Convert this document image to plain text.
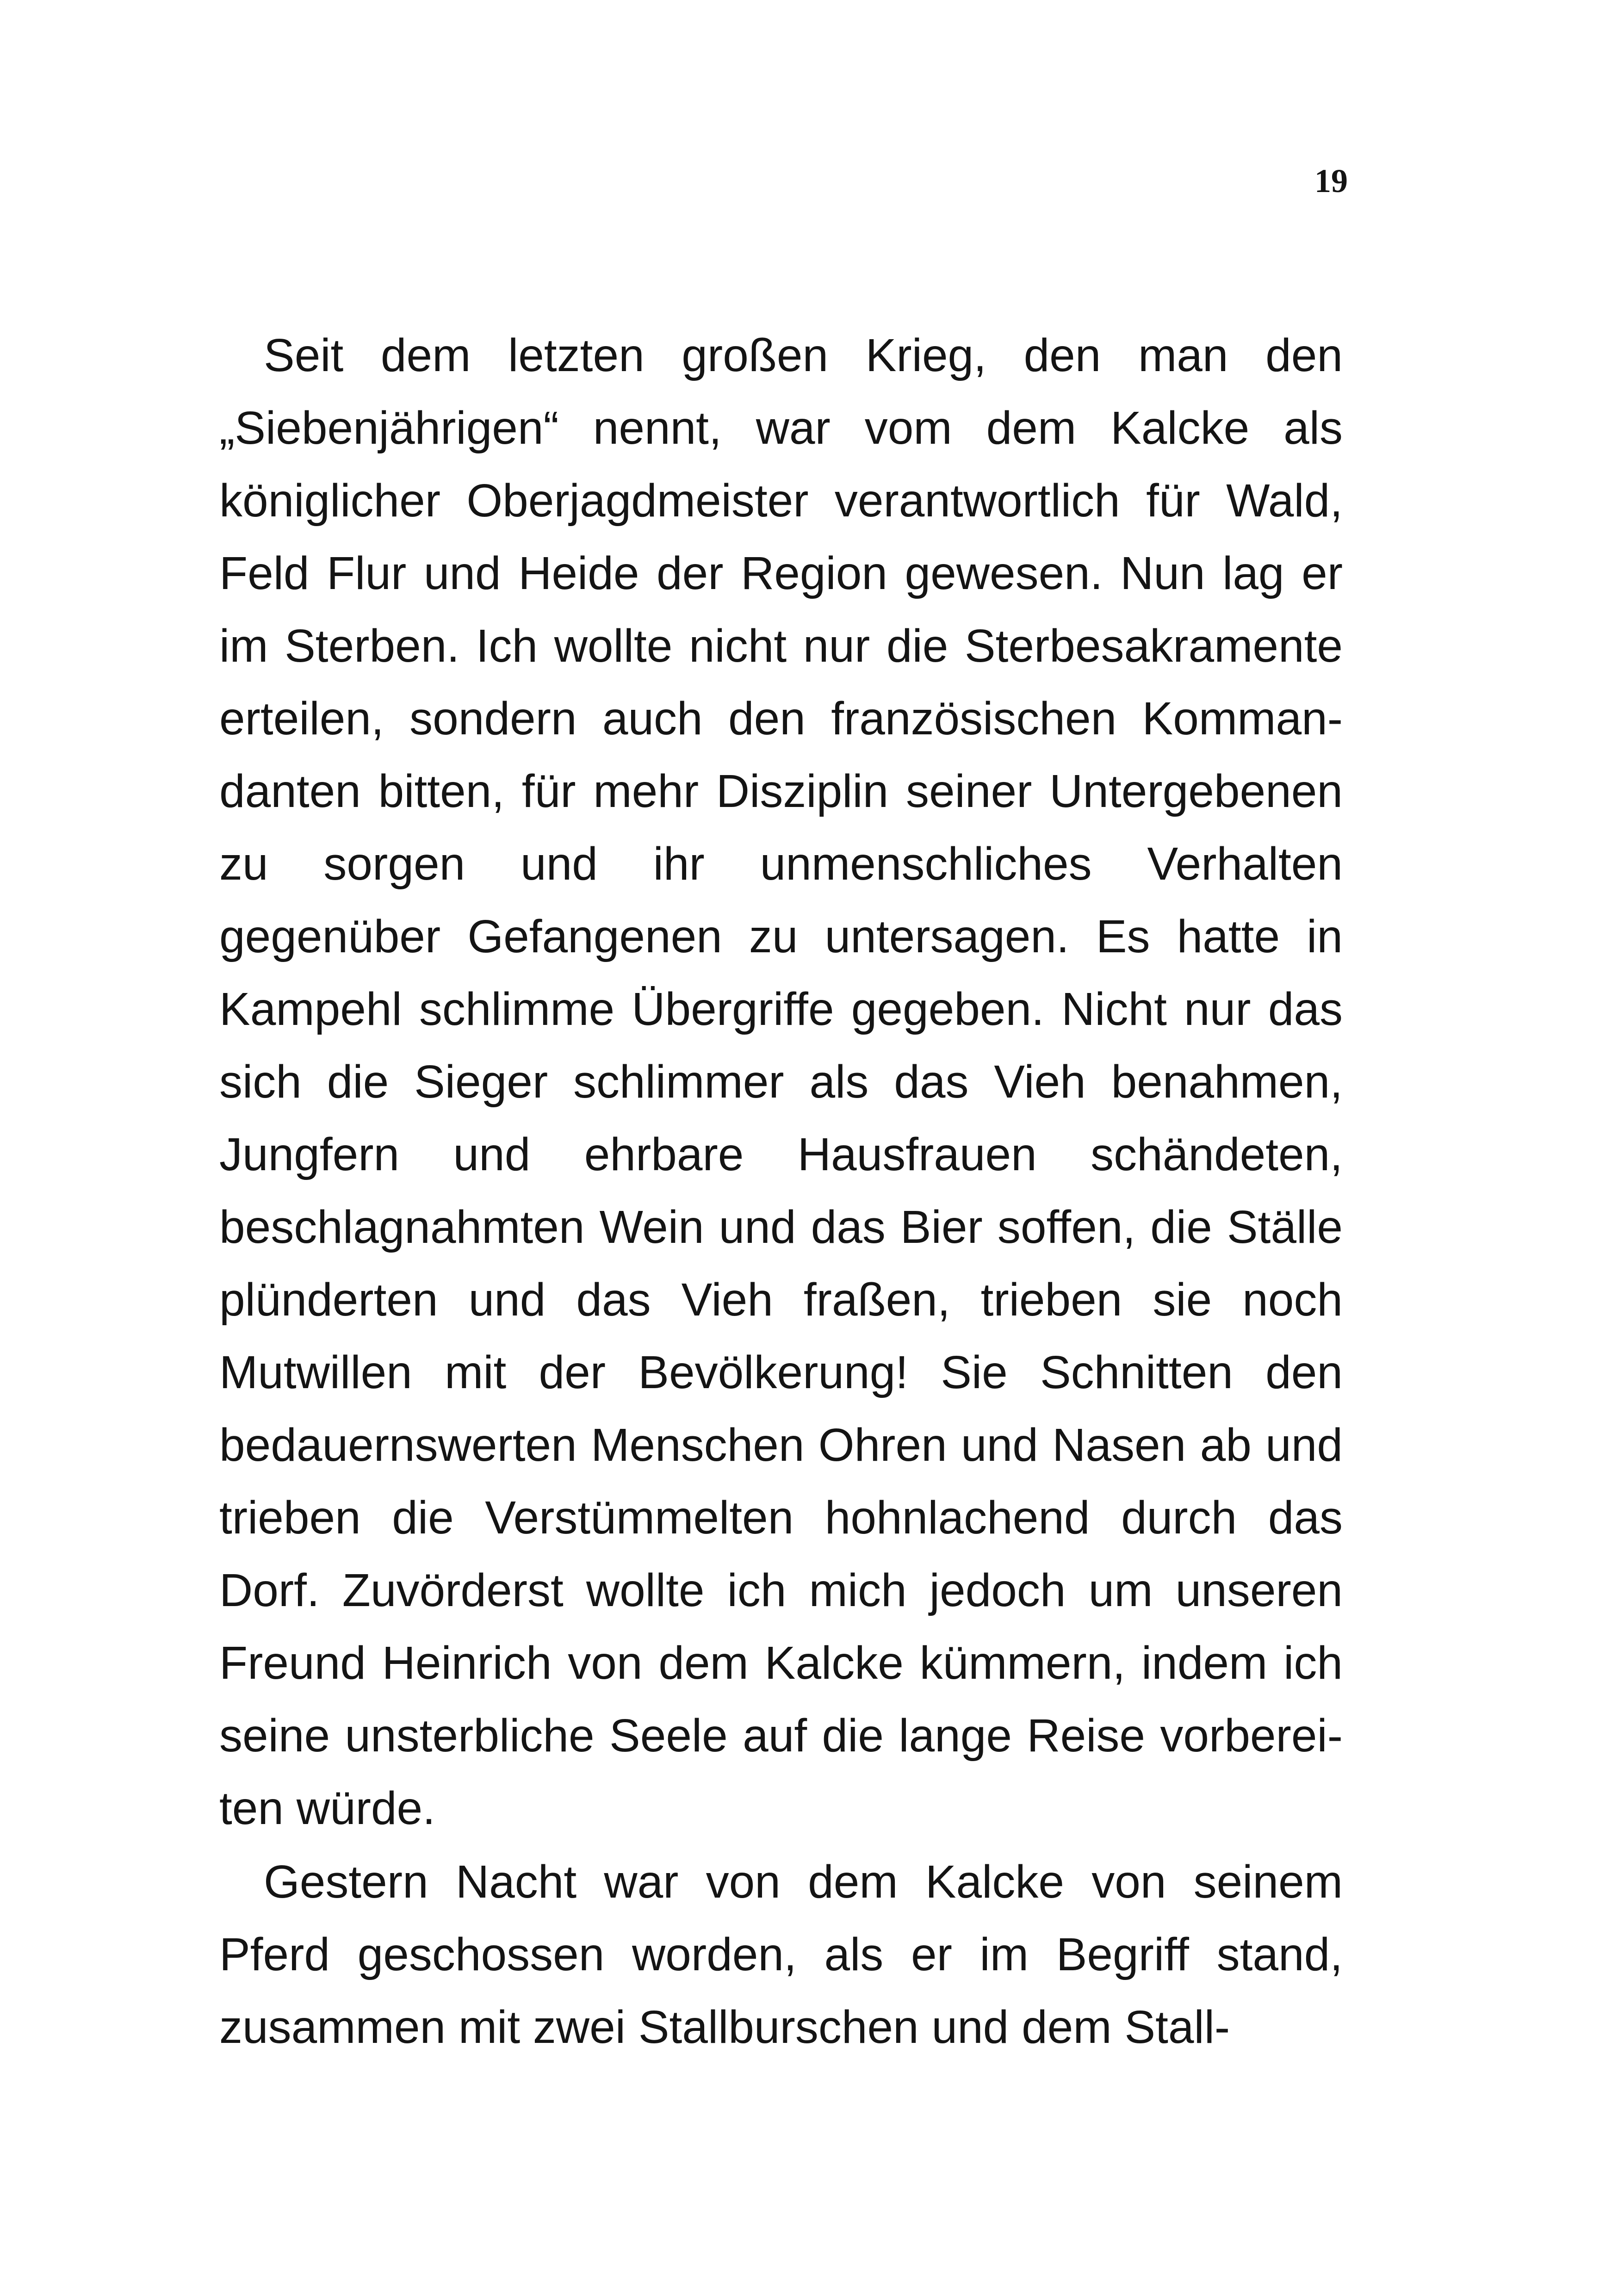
19

Seit dem letzten großen Krieg, den man den „Siebenjährigen“ nennt, war vom dem Kalcke als königlicher Oberjagdmeister verantwortlich für Wald, Feld Flur und Heide der Region gewesen. Nun lag er im Sterben. Ich wollte nicht nur die Sterbesakramente erteilen, sondern auch den französischen Kommandanten bitten, für mehr Disziplin seiner Untergebenen zu sorgen und ihr unmenschliches Verhalten gegenüber Gefangenen zu untersagen. Es hatte in Kampehl schlimme Übergriffe gegeben. Nicht nur das sich die Sieger schlimmer als das Vieh benahmen, Jungfern und ehrbare Hausfrauen schändeten, beschlagnahmten Wein und das Bier soffen, die Ställe plünderten und das Vieh fraßen, trieben sie noch Mutwillen mit der Bevölkerung! Sie Schnitten den bedauernswerten Menschen Ohren und Nasen ab und trieben die Verstümmelten hohnlachend durch das Dorf. Zuvörderst wollte ich mich jedoch um unseren Freund Heinrich von dem Kalcke kümmern, indem ich seine unsterbliche Seele auf die lange Reise vorbereiten würde.

Gestern Nacht war von dem Kalcke von seinem Pferd geschossen worden, als er im Begriff stand, zusammen mit zwei Stallburschen und dem Stall-
